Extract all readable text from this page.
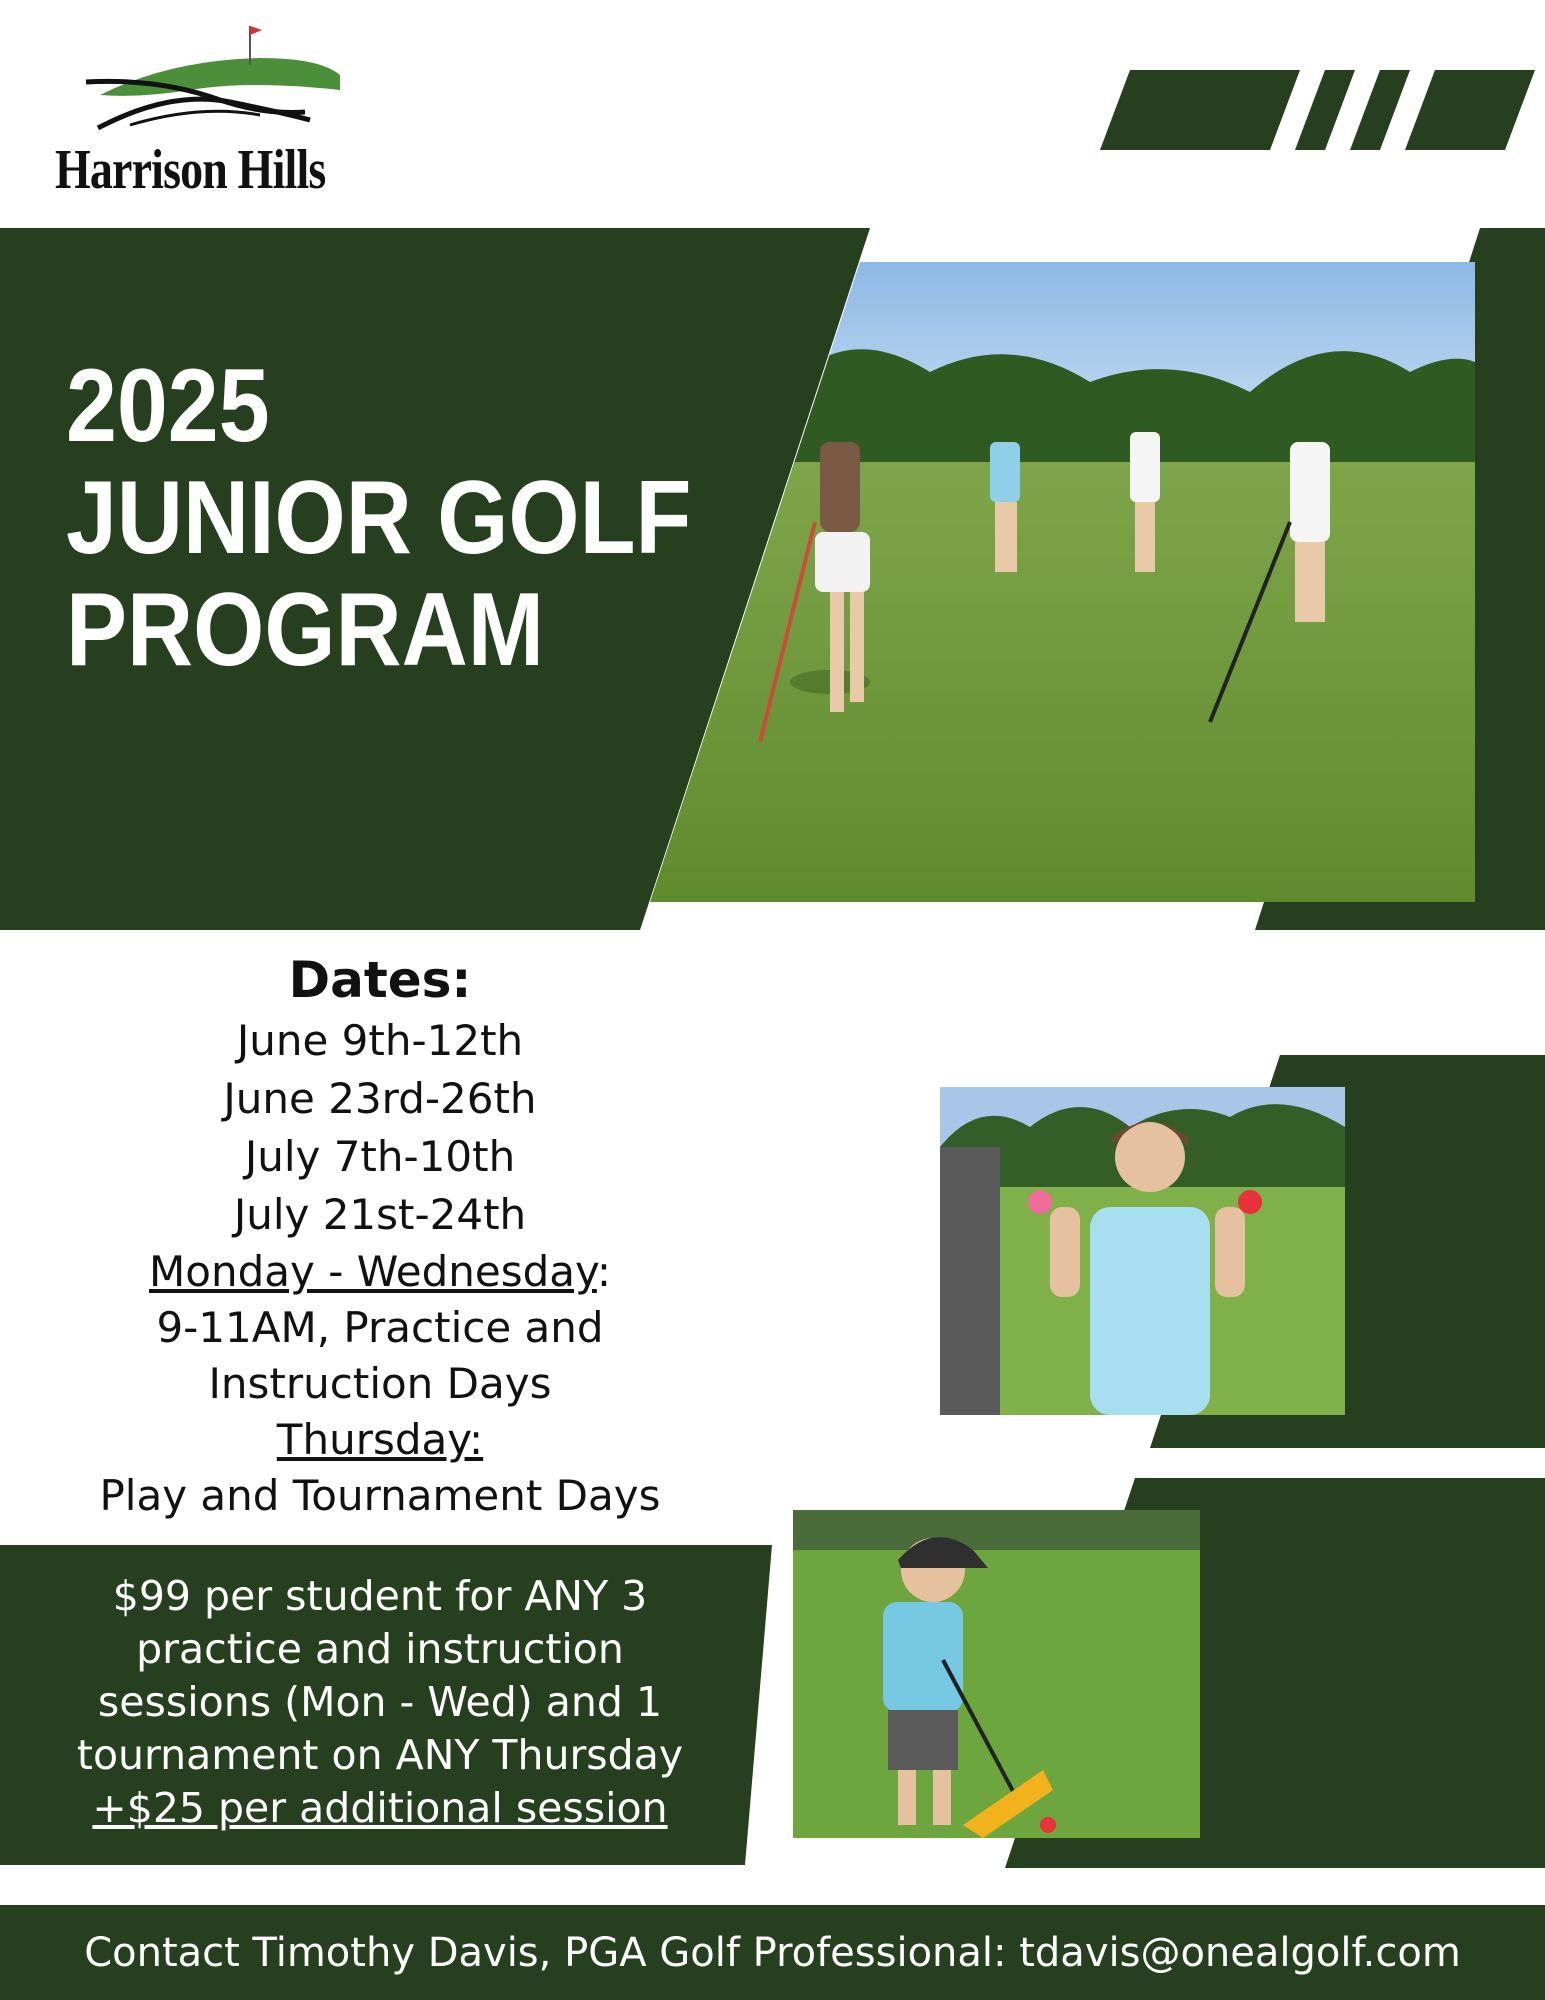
Harrison Hills
2025
JUNIOR GOLF
PROGRAM
Dates:
June 9th-12th
June 23rd-26th
July 7th-10th
July 21st-24th
Monday - Wednesday:
9-11AM, Practice and
Instruction Days
Thursday:
Play and Tournament Days
$99 per student for ANY 3
practice and instruction
sessions (Mon - Wed) and 1
tournament on ANY Thursday
+$25 per additional session
Contact Timothy Davis, PGA Golf Professional: tdavis@onealgolf.com
